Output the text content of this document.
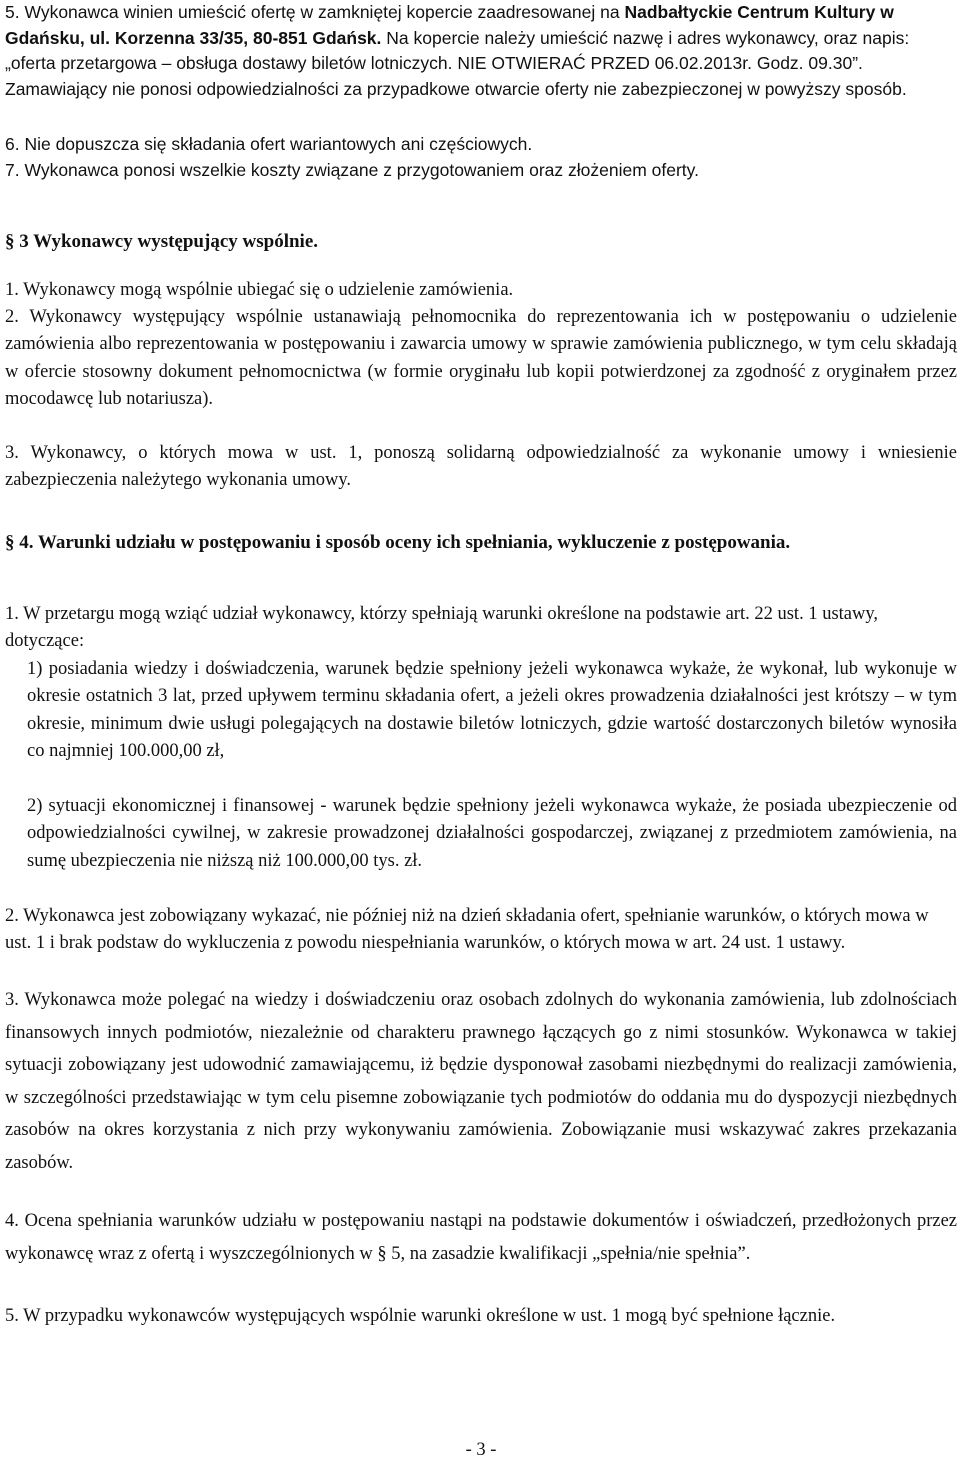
5. Wykonawca winien umieścić ofertę w zamkniętej kopercie zaadresowanej na Nadbałtyckie Centrum Kultury w Gdańsku, ul. Korzenna 33/35, 80-851 Gdańsk. Na kopercie należy umieścić nazwę i adres wykonawcy, oraz napis: „oferta przetargowa – obsługa dostawy biletów lotniczych. NIE OTWIERAĆ PRZED 06.02.2013r. Godz. 09.30”. Zamawiający nie ponosi odpowiedzialności za przypadkowe otwarcie oferty nie zabezpieczonej w powyższy sposób.

6. Nie dopuszcza się składania ofert wariantowych ani częściowych.

7. Wykonawca ponosi wszelkie koszty związane z przygotowaniem oraz złożeniem oferty.

§ 3 Wykonawcy występujący wspólnie.

1. Wykonawcy mogą wspólnie ubiegać się o udzielenie zamówienia.

2. Wykonawcy występujący wspólnie ustanawiają pełnomocnika do reprezentowania ich w postępowaniu o udzielenie zamówienia albo reprezentowania w postępowaniu i zawarcia umowy w sprawie zamówienia publicznego, w tym celu składają w ofercie stosowny dokument pełnomocnictwa (w formie oryginału lub kopii potwierdzonej za zgodność z oryginałem przez mocodawcę lub notariusza).

3. Wykonawcy, o których mowa w ust. 1, ponoszą solidarną odpowiedzialność za wykonanie umowy i wniesienie zabezpieczenia należytego wykonania umowy.

§ 4. Warunki udziału w postępowaniu i sposób oceny ich spełniania, wykluczenie z postępowania.

1. W przetargu mogą wziąć udział wykonawcy, którzy spełniają warunki określone na podstawie art. 22 ust. 1 ustawy, dotyczące:

1) posiadania wiedzy i doświadczenia, warunek będzie spełniony jeżeli wykonawca wykaże, że wykonał, lub wykonuje w okresie ostatnich 3 lat, przed upływem terminu składania ofert, a jeżeli okres prowadzenia działalności jest krótszy – w tym okresie, minimum dwie usługi polegających na dostawie biletów lotniczych, gdzie wartość dostarczonych biletów wynosiła co najmniej 100.000,00 zł,

2) sytuacji ekonomicznej i finansowej - warunek będzie spełniony jeżeli wykonawca wykaże, że posiada ubezpieczenie od odpowiedzialności cywilnej, w zakresie prowadzonej działalności gospodarczej, związanej z przedmiotem zamówienia, na sumę ubezpieczenia nie niższą niż 100.000,00 tys. zł.

2. Wykonawca jest zobowiązany wykazać, nie później niż na dzień składania ofert, spełnianie warunków, o których mowa w ust. 1 i brak podstaw do wykluczenia z powodu niespełniania warunków, o których mowa w art. 24 ust. 1 ustawy.

3. Wykonawca może polegać na wiedzy i doświadczeniu oraz osobach zdolnych do wykonania zamówienia, lub zdolnościach finansowych innych podmiotów, niezależnie od charakteru prawnego łączących go z nimi stosunków. Wykonawca w takiej sytuacji zobowiązany jest udowodnić zamawiającemu, iż będzie dysponował zasobami niezbędnymi do realizacji zamówienia, w szczególności przedstawiając w tym celu pisemne zobowiązanie tych podmiotów do oddania mu do dyspozycji niezbędnych zasobów na okres korzystania z nich przy wykonywaniu zamówienia. Zobowiązanie musi wskazywać zakres przekazania zasobów.

4. Ocena spełniania warunków udziału w postępowaniu nastąpi na podstawie dokumentów i oświadczeń, przedłożonych przez wykonawcę wraz z ofertą i wyszczególnionych w § 5, na zasadzie kwalifikacji „spełnia/nie spełnia”.

5. W przypadku wykonawców występujących wspólnie warunki określone w ust. 1 mogą być spełnione łącznie.

- 3 -
